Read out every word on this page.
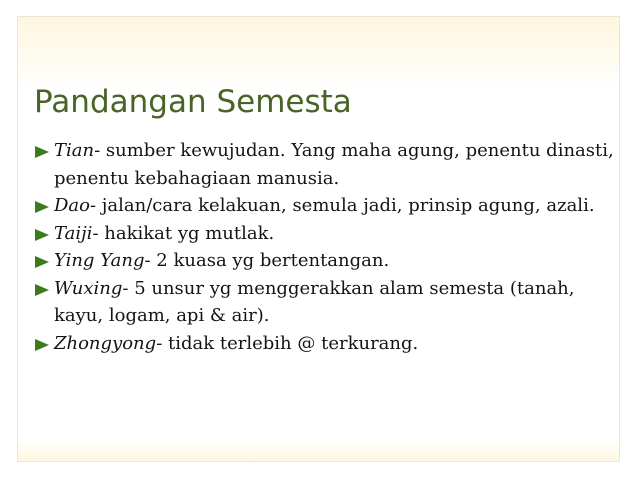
Pandangan Semesta
Tian- sumber kewujudan. Yang maha agung, penentu dinasti, penentu kebahagiaan manusia.
Dao- jalan/cara kelakuan, semula jadi, prinsip agung, azali.
Taiji- hakikat yg mutlak.
Ying Yang- 2 kuasa yg bertentangan.
Wuxing- 5 unsur yg menggerakkan alam semesta (tanah, kayu, logam, api & air).
Zhongyong- tidak terlebih @ terkurang.
